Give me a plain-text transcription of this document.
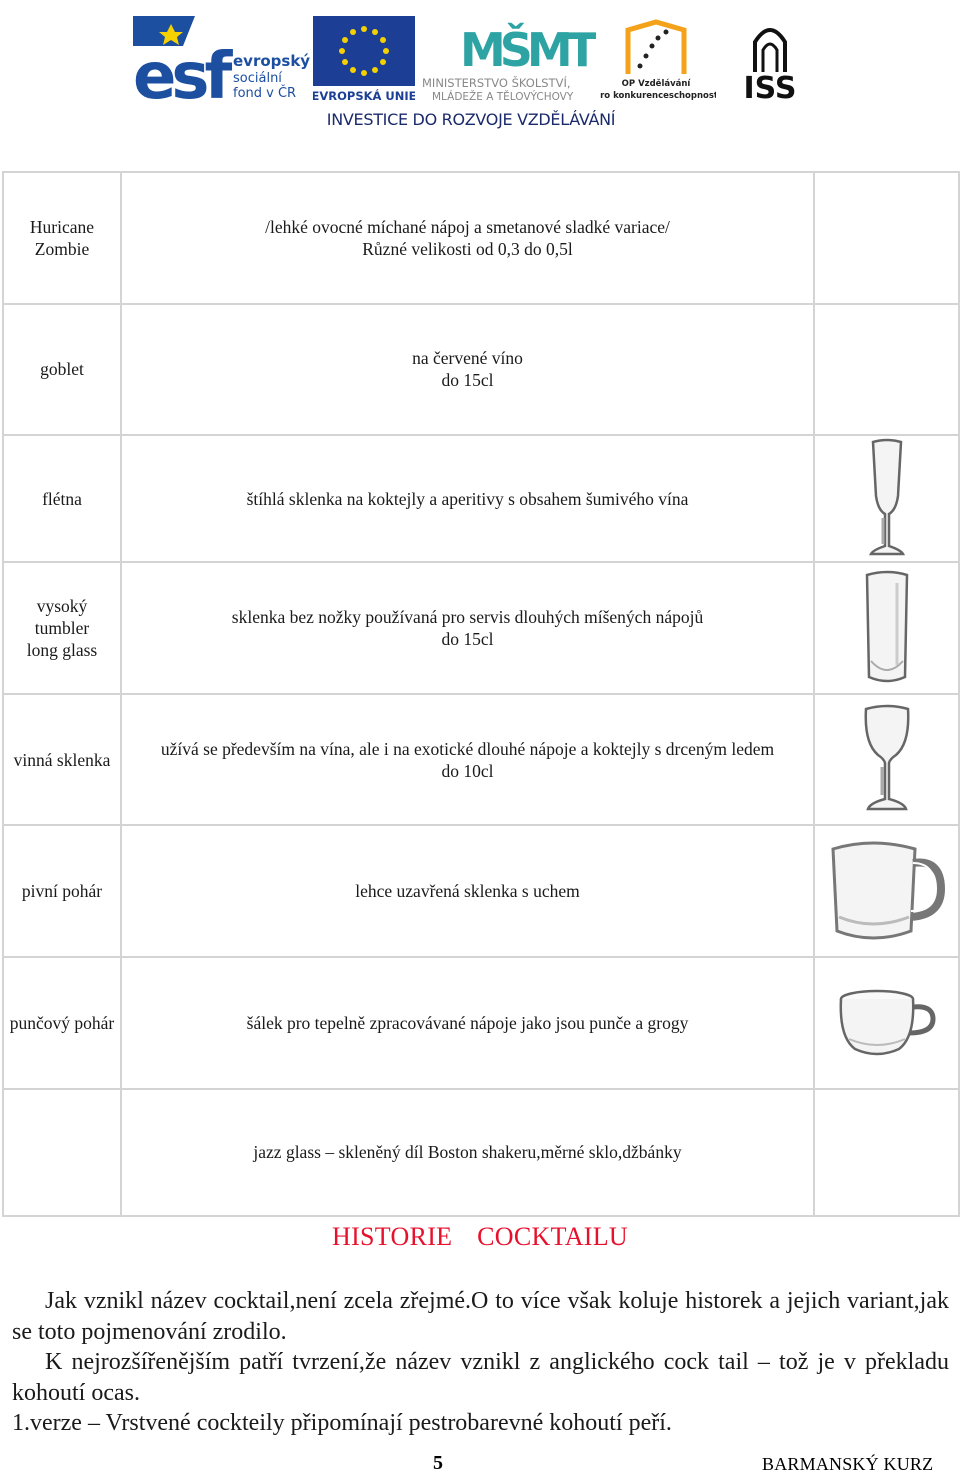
esf evropský
sociální
fond v ČR EVROPSKÁ UNIE
MŠMT
MINISTERSTVO ŠKOLSTVÍ,
MLÁDEŽE A TĚLOVÝCHOVY
OP Vzdělávání
pro konkurenceschopnost ISS
INVESTICE DO ROZVOJE VZDĚLÁVÁNÍ
Huricane
Zombie	/lehké ovocné míchané nápoj a smetanové sladké variace/
Různé velikosti od 0,3 do 0,5l	

goblet	na červené víno
do 15cl	

flétna	štíhlá sklenka na koktejly a aperitivy s obsahem šumivého vína

vysoký
tumbler
long glass	sklenka bez nožky používaná pro servis dlouhých míšených nápojů
do 15cl

vinná sklenka	užívá se především na vína, ale i na exotické dlouhé nápoje a koktejly s drceným ledem
do 10cl

pivní pohár	lehce uzavřená sklenka s uchem

punčový pohár	šálek pro tepelně zpracovávané nápoje jako jsou punče a grogy

	jazz glass – skleněný díl Boston shakeru,měrné sklo,džbánky	

HISTORIE COCKTAILU

Jak vznikl název cocktail,není zcela zřejmé.O to více však koluje historek a jejich variant,jak se toto pojmenování zrodilo.

K nejrozšířenějším patří tvrzení,že název vznikl z anglického cock tail – tož je v překladu kohoutí ocas.

1.verze – Vrstvené cockteily připomínají pestrobarevné kohoutí peří.

5	BARMANSKÝ KURZ
